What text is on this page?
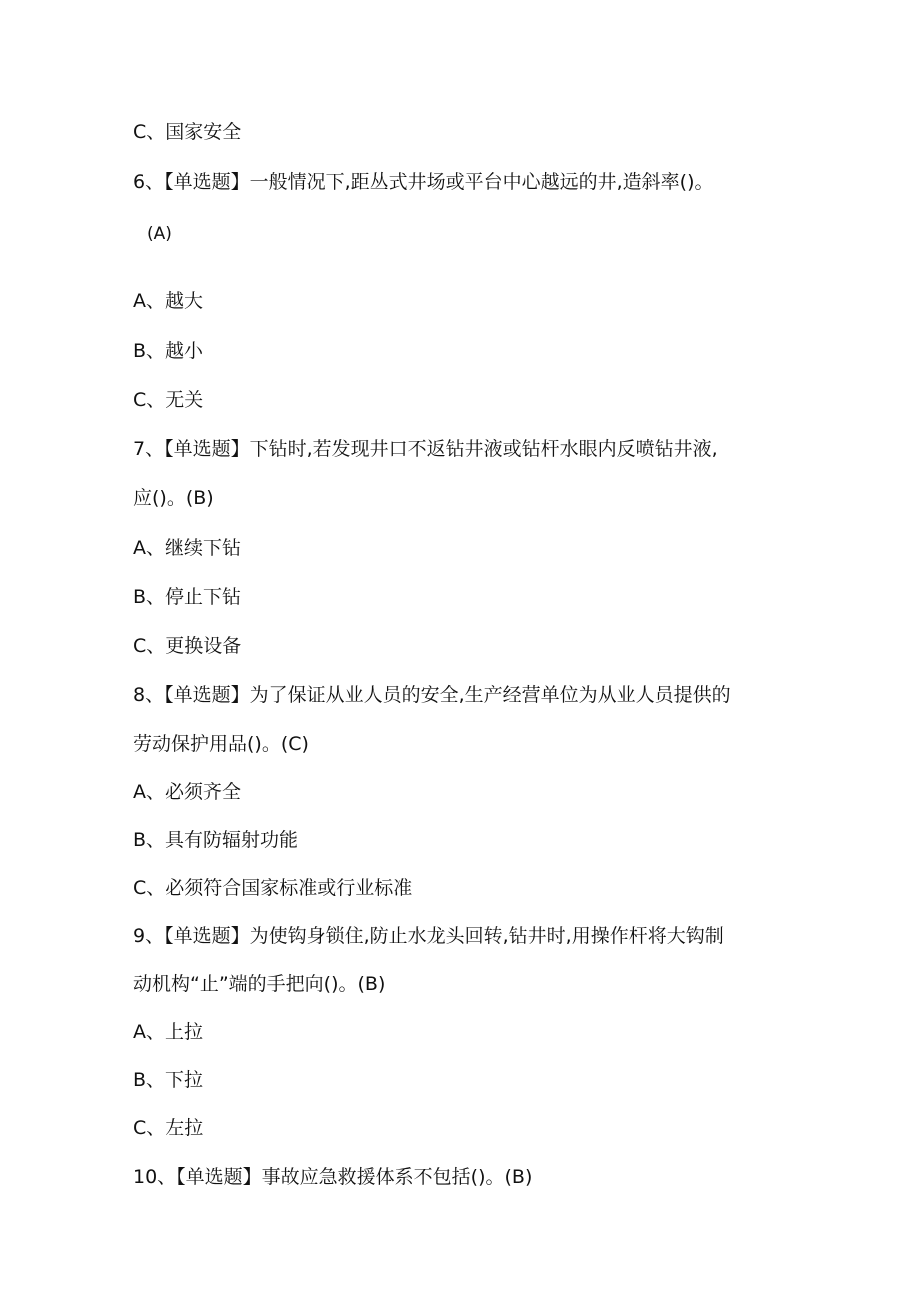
C、国家安全
6、【单选题】一般情况下,距丛式井场或平台中心越远的井,造斜率()。
(A)
A、越大
B、越小
C、无关
7、【单选题】下钻时,若发现井口不返钻井液或钻杆水眼内反喷钻井液,
应()。(B)
A、继续下钻
B、停止下钻
C、更换设备
8、【单选题】为了保证从业人员的安全,生产经营单位为从业人员提供的
劳动保护用品()。(C)
A、必须齐全
B、具有防辐射功能
C、必须符合国家标准或行业标准
9、【单选题】为使钩身锁住,防止水龙头回转,钻井时,用操作杆将大钩制
动机构“止”端的手把向()。(B)
A、上拉
B、下拉
C、左拉
10、【单选题】事故应急救援体系不包括()。(B)
